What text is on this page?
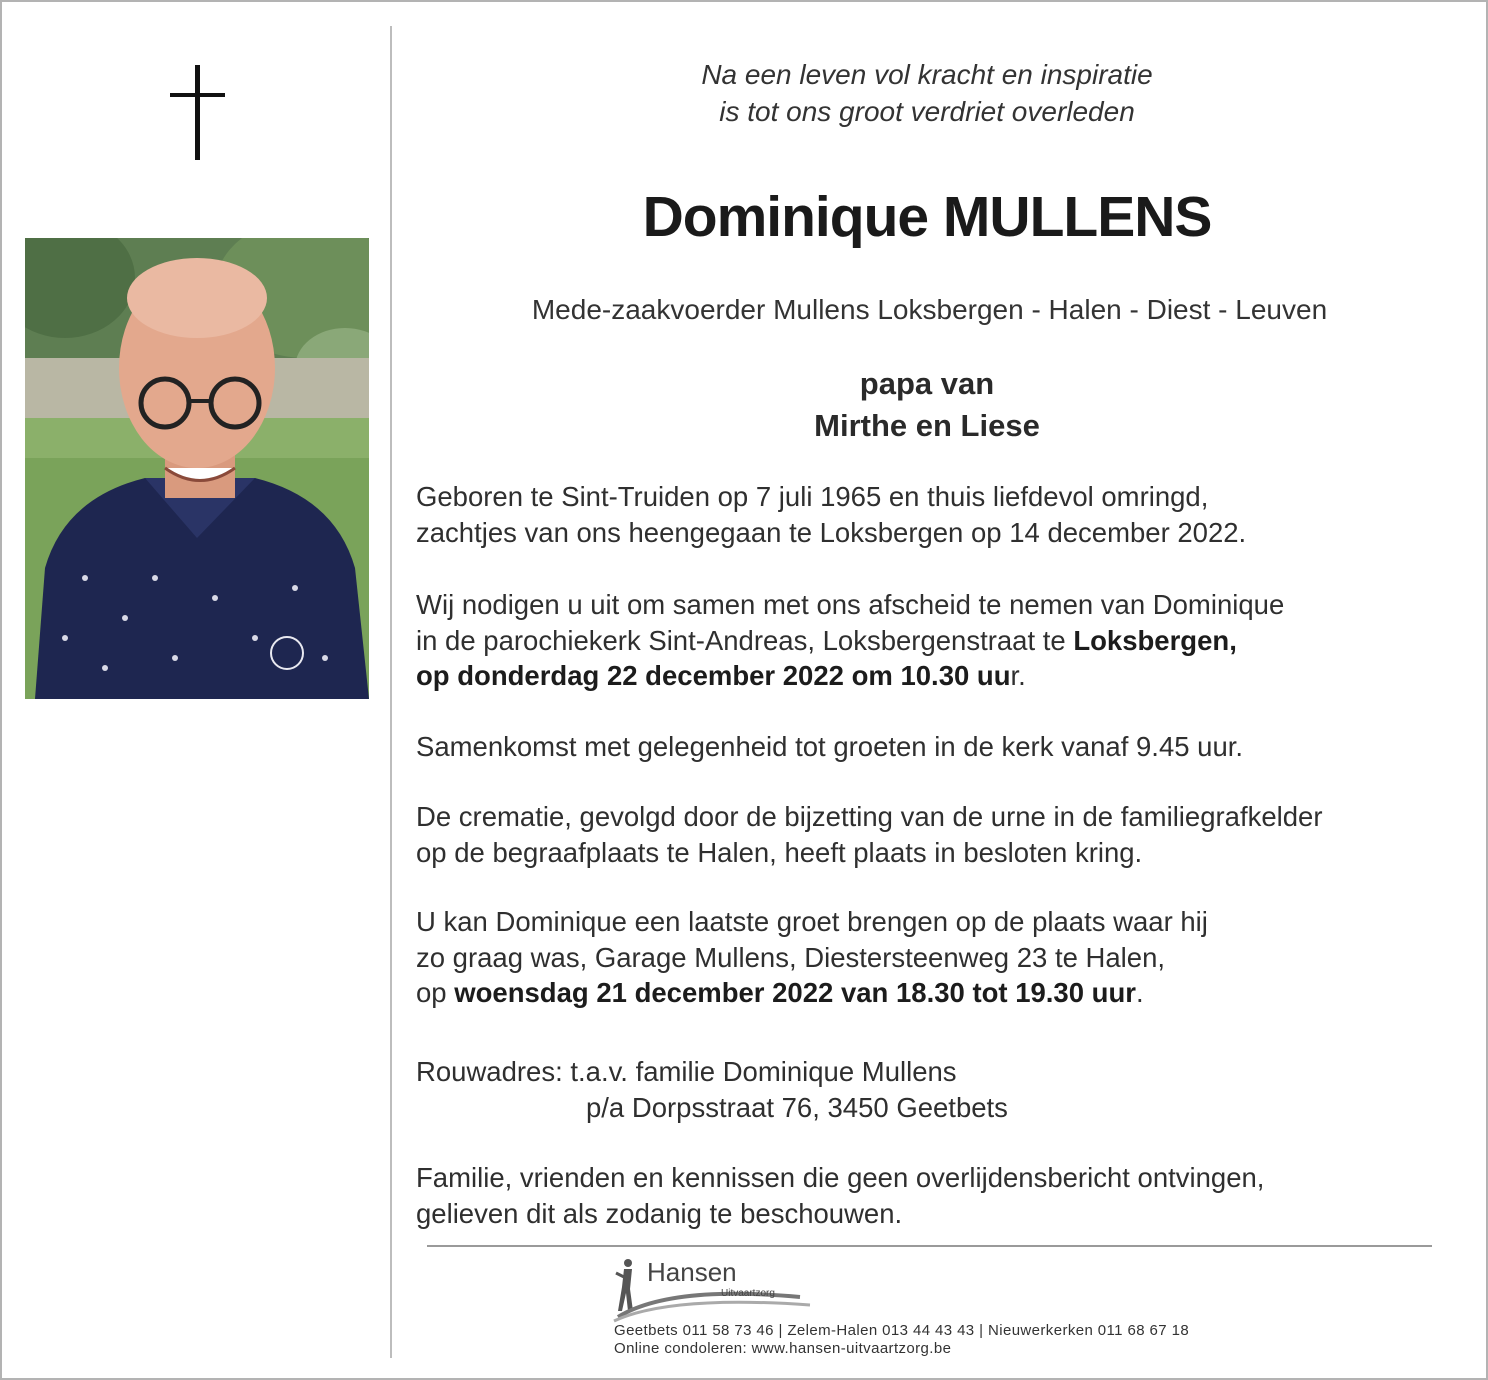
Na een leven vol kracht en inspiratie
is tot ons groot verdriet overleden
Dominique MULLENS
Mede-zaakvoerder Mullens Loksbergen - Halen - Diest - Leuven
papa van
Mirthe en Liese
Geboren te Sint-Truiden op 7 juli 1965 en thuis liefdevol omringd,
zachtjes van ons heengegaan te Loksbergen op 14 december 2022.
Wij nodigen u uit om samen met ons afscheid te nemen van Dominique
in de parochiekerk Sint-Andreas, Loksbergenstraat te Loksbergen,
op donderdag 22 december 2022 om 10.30 uur.
Samenkomst met gelegenheid tot groeten in de kerk vanaf 9.45 uur.
De crematie, gevolgd door de bijzetting van de urne in de familiegrafkelder
op de begraafplaats te Halen, heeft plaats in besloten kring.
U kan Dominique een laatste groet brengen op de plaats waar hij
zo graag was, Garage Mullens, Diestersteenweg 23 te Halen,
op woensdag 21 december 2022 van 18.30 tot 19.30 uur.
Rouwadres: t.a.v. familie Dominique Mullens
p/a Dorpsstraat 76, 3450 Geetbets
Familie, vrienden en kennissen die geen overlijdensbericht ontvingen,
gelieven dit als zodanig te beschouwen.
Hansen
Uitvaartzorg
Geetbets 011 58 73 46 | Zelem-Halen 013 44 43 43 | Nieuwerkerken 011 68 67 18
Online condoleren: www.hansen-uitvaartzorg.be
